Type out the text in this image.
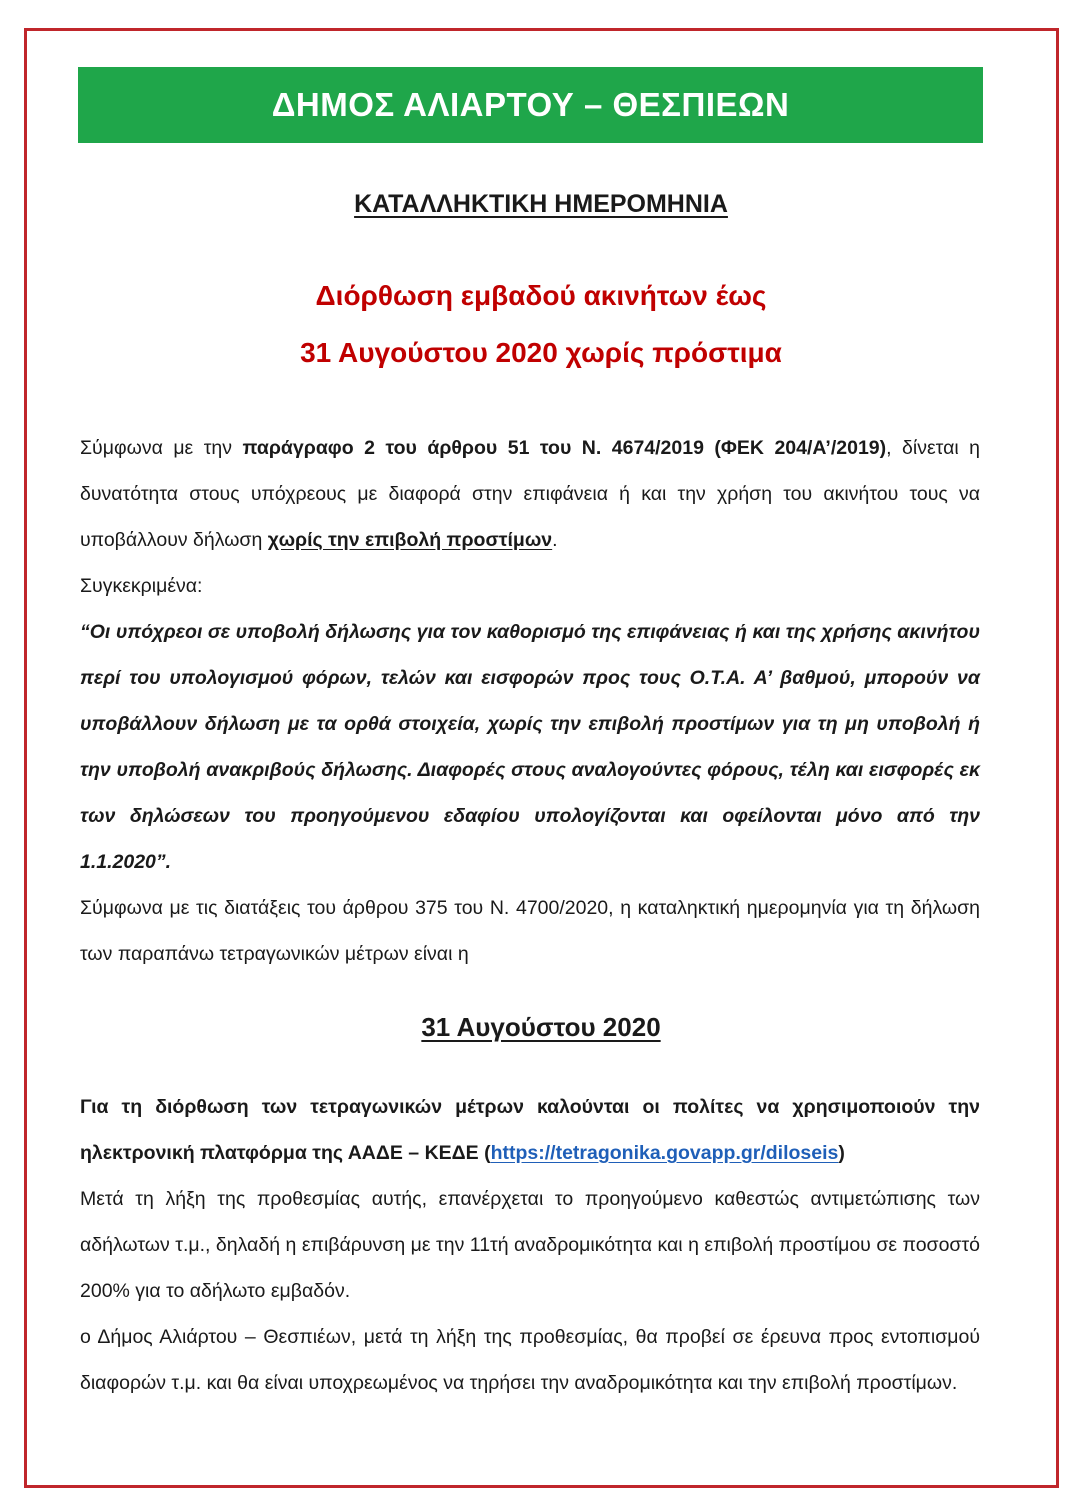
ΔΗΜΟΣ ΑΛΙΑΡΤΟΥ – ΘΕΣΠΙΕΩΝ
ΚΑΤΑΛΛΗΚΤΙΚΗ ΗΜΕΡΟΜΗΝΙΑ
Διόρθωση εμβαδού ακινήτων έως
31 Αυγούστου 2020 χωρίς πρόστιμα

Σύμφωνα με την παράγραφο 2 του άρθρου 51 του Ν. 4674/2019 (ΦΕΚ 204/Α’/2019), δίνεται η δυνατότητα στους υπόχρεους με διαφορά στην επιφάνεια ή και την χρήση του ακινήτου τους να υποβάλλουν δήλωση χωρίς την επιβολή προστίμων.

Συγκεκριμένα:

“Οι υπόχρεοι σε υποβολή δήλωσης για τον καθορισμό της επιφάνειας ή και της χρήσης ακινήτου περί του υπολογισμού φόρων, τελών και εισφορών προς τους Ο.Τ.Α. Α’ βαθμού, μπορούν να υποβάλλουν δήλωση με τα ορθά στοιχεία, χωρίς την επιβολή προστίμων για τη μη υποβολή ή την υποβολή ανακριβούς δήλωσης. Διαφορές στους αναλογούντες φόρους, τέλη και εισφορές εκ των δηλώσεων του προηγούμενου εδαφίου υπολογίζονται και οφείλονται μόνο από την 1.1.2020”.

Σύμφωνα με τις διατάξεις του άρθρου 375 του Ν. 4700/2020, η καταληκτική ημερομηνία για τη δήλωση των παραπάνω τετραγωνικών μέτρων είναι η

31 Αυγούστου 2020

Για τη διόρθωση των τετραγωνικών μέτρων καλούνται οι πολίτες να χρησιμοποιούν την ηλεκτρονική πλατφόρμα της ΑΑΔΕ – ΚΕΔΕ (https://tetragonika.govapp.gr/diloseis)

Μετά τη λήξη της προθεσμίας αυτής, επανέρχεται το προηγούμενο καθεστώς αντιμετώπισης των αδήλωτων τ.μ., δηλαδή η επιβάρυνση με την 11τή αναδρομικότητα και η επιβολή προστίμου σε ποσοστό 200% για το αδήλωτο εμβαδόν.

ο Δήμος Αλιάρτου – Θεσπιέων, μετά τη λήξη της προθεσμίας, θα προβεί σε έρευνα προς εντοπισμού διαφορών τ.μ. και θα είναι υποχρεωμένος να τηρήσει την αναδρομικότητα και την επιβολή προστίμων.
